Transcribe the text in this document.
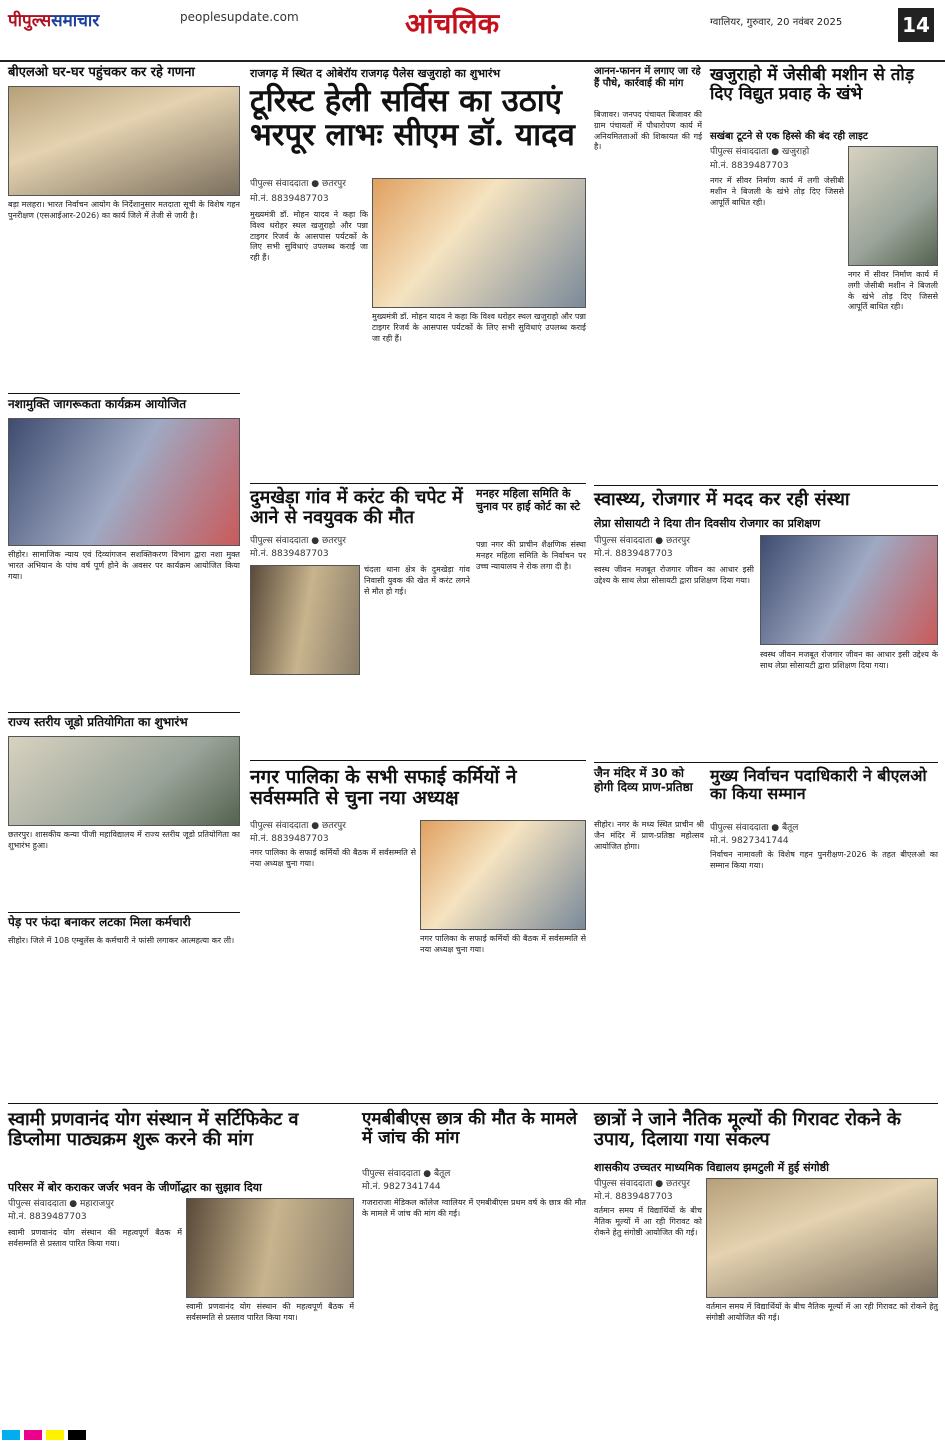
पीपुल्ससमाचार	peoplesupdate.com	आंचलिक	ग्वालियर, गुरुवार, 20 नवंबर 2025	14
बीएलओ घर-घर पहुंचकर कर रहे गणना
बड़ा मलहरा। भारत निर्वाचन आयोग के निर्देशानुसार मतदाता सूची के विशेष गहन पुनरीक्षण (एसआईआर-2026) का कार्य जिले में तेजी से जारी है।
नशामुक्ति जागरूकता कार्यक्रम आयोजित
सीहोर। सामाजिक न्याय एवं दिव्यांगजन सशक्तिकरण विभाग द्वारा नशा मुक्त भारत अभियान के पांच वर्ष पूर्ण होने के अवसर पर कार्यक्रम आयोजित किया गया।
राज्य स्तरीय जूडो प्रतियोगिता का शुभारंभ
छतरपुर। शासकीय कन्या पीजी महाविद्यालय में राज्य स्तरीय जूडो प्रतियोगिता का शुभारंभ हुआ।
पेड़ पर फंदा बनाकर लटका मिला कर्मचारी
सीहोर। जिले में 108 एम्बुलेंस के कर्मचारी ने फांसी लगाकर आत्महत्या कर ली।
राजगढ़ में स्थित द ओबेरॉय राजगढ़ पैलेस खजुराहो का शुभारंभ
टूरिस्ट हेली सर्विस का उठाएं भरपूर लाभः सीएम डॉ. यादव
पीपुल्स संवाददाता ● छतरपुर
मो.नं. 8839487703
मुख्यमंत्री डॉ. मोहन यादव ने कहा कि विश्व धरोहर स्थल खजुराहो और पन्ना टाइगर रिजर्व के आसपास पर्यटकों के लिए सभी सुविधाएं उपलब्ध कराई जा रही हैं।
मुख्यमंत्री डॉ. मोहन यादव ने कहा कि विश्व धरोहर स्थल खजुराहो और पन्ना टाइगर रिजर्व के आसपास पर्यटकों के लिए सभी सुविधाएं उपलब्ध कराई जा रही हैं।
दुमखेड़ा गांव में करंट की चपेट में आने से नवयुवक की मौत
पीपुल्स संवाददाता ● छतरपुर
मो.नं. 8839487703
चंदला थाना क्षेत्र के दुमखेड़ा गांव निवासी युवक की खेत में करंट लगने से मौत हो गई।
मनहर महिला समिति के चुनाव पर हाई कोर्ट का स्टे
पन्ना नगर की प्राचीन शैक्षणिक संस्था मनहर महिला समिति के निर्वाचन पर उच्च न्यायालय ने रोक लगा दी है।
आनन-फानन में लगाए जा रहे हैं पौधे, कार्रवाई की मांग
बिजावर। जनपद पंचायत बिजावर की ग्राम पंचायतों में पौधारोपण कार्य में अनियमितताओं की शिकायत की गई है।
खजुराहो में जेसीबी मशीन से तोड़ दिए विद्युत प्रवाह के खंभे
सखंबा टूटने से एक हिस्से की बंद रही लाइट
पीपुल्स संवाददाता ● खजुराहो
मो.नं. 8839487703
नगर में सीवर निर्माण कार्य में लगी जेसीबी मशीन ने बिजली के खंभे तोड़ दिए जिससे आपूर्ति बाधित रही।
नगर में सीवर निर्माण कार्य में लगी जेसीबी मशीन ने बिजली के खंभे तोड़ दिए जिससे आपूर्ति बाधित रही।
स्वास्थ्य, रोजगार में मदद कर रही संस्था
लेप्रा सोसायटी ने दिया तीन दिवसीय रोजगार का प्रशिक्षण
पीपुल्स संवाददाता ● छतरपुर
मो.नं. 8839487703
स्वस्थ जीवन मजबूत रोजगार जीवन का आधार इसी उद्देश्य के साथ लेप्रा सोसायटी द्वारा प्रशिक्षण दिया गया।
स्वस्थ जीवन मजबूत रोजगार जीवन का आधार इसी उद्देश्य के साथ लेप्रा सोसायटी द्वारा प्रशिक्षण दिया गया।
नगर पालिका के सभी सफाई कर्मियों ने सर्वसम्मति से चुना नया अध्यक्ष
पीपुल्स संवाददाता ● छतरपुर
मो.नं. 8839487703
नगर पालिका के सफाई कर्मियों की बैठक में सर्वसम्मति से नया अध्यक्ष चुना गया।
नगर पालिका के सफाई कर्मियों की बैठक में सर्वसम्मति से नया अध्यक्ष चुना गया।
जैन मंदिर में 30 को होगी दिव्य प्राण-प्रतिष्ठा
सीहोर। नगर के मध्य स्थित प्राचीन श्री जैन मंदिर में प्राण-प्रतिष्ठा महोत्सव आयोजित होगा।
मुख्य निर्वाचन पदाधिकारी ने बीएलओ का किया सम्मान
पीपुल्स संवाददाता ● बैतूल
मो.नं. 9827341744
निर्वाचन नामावली के विशेष गहन पुनरीक्षण-2026 के तहत बीएलओ का सम्मान किया गया।
स्वामी प्रणवानंद योग संस्थान में सर्टिफिकेट व डिप्लोमा पाठ्यक्रम शुरू करने की मांग
परिसर में बोर कराकर जर्जर भवन के जीर्णोद्धार का सुझाव दिया
पीपुल्स संवाददाता ● महाराजपुर
मो.नं. 8839487703
स्वामी प्रणवानंद योग संस्थान की महत्वपूर्ण बैठक में सर्वसम्मति से प्रस्ताव पारित किया गया।
स्वामी प्रणवानंद योग संस्थान की महत्वपूर्ण बैठक में सर्वसम्मति से प्रस्ताव पारित किया गया।
एमबीबीएस छात्र की मौत के मामले में जांच की मांग
पीपुल्स संवाददाता ● बैतूल
मो.नं. 9827341744
गजराराजा मेडिकल कॉलेज ग्वालियर में एमबीबीएस प्रथम वर्ष के छात्र की मौत के मामले में जांच की मांग की गई।
छात्रों ने जाने नैतिक मूल्यों की गिरावट रोकने के उपाय, दिलाया गया संकल्प
शासकीय उच्चतर माध्यमिक विद्यालय झमटुली में हुई संगोष्ठी
पीपुल्स संवाददाता ● छतरपुर
मो.नं. 8839487703
वर्तमान समय में विद्यार्थियों के बीच नैतिक मूल्यों में आ रही गिरावट को रोकने हेतु संगोष्ठी आयोजित की गई।
वर्तमान समय में विद्यार्थियों के बीच नैतिक मूल्यों में आ रही गिरावट को रोकने हेतु संगोष्ठी आयोजित की गई।
